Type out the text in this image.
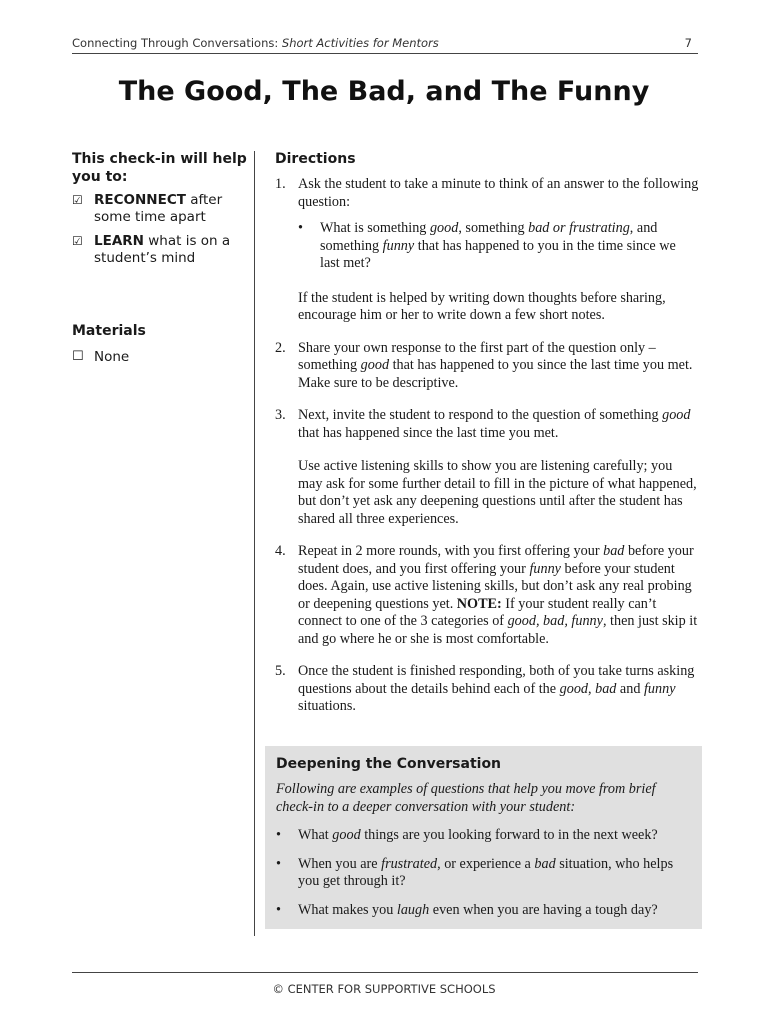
Connecting Through Conversations: Short Activities for Mentors	7
The Good, The Bad, and The Funny

This check-in will help you to:

☑ RECONNECT after some time apart
☑ LEARN what is on a student’s mind

Materials

☐ None

Directions

1. Ask the student to take a minute to think of an answer to the following question:

• What is something good, something bad or frustrating, and something funny that has happened to you in the time since we last met?

If the student is helped by writing down thoughts before sharing, encourage him or her to write down a few short notes.

2. Share your own response to the first part of the question only – something good that has happened to you since the last time you met. Make sure to be descriptive.

3. Next, invite the student to respond to the question of something good that has happened since the last time you met.

Use active listening skills to show you are listening carefully; you may ask for some further detail to fill in the picture of what happened, but don’t yet ask any deepening questions until after the student has shared all three experiences.

4. Repeat in 2 more rounds, with you first offering your bad before your student does, and you first offering your funny before your student does. Again, use active listening skills, but don’t ask any real probing or deepening questions yet. NOTE: If your student really can’t connect to one of the 3 categories of good, bad, funny, then just skip it and go where he or she is most comfortable.

5. Once the student is finished responding, both of you take turns asking questions about the details behind each of the good, bad and funny situations.

Deepening the Conversation

Following are examples of questions that help you move from brief check-in to a deeper conversation with your student:

• What good things are you looking forward to in the next week?
• When you are frustrated, or experience a bad situation, who helps you get through it?
• What makes you laugh even when you are having a tough day?
© CENTER FOR SUPPORTIVE SCHOOLS
